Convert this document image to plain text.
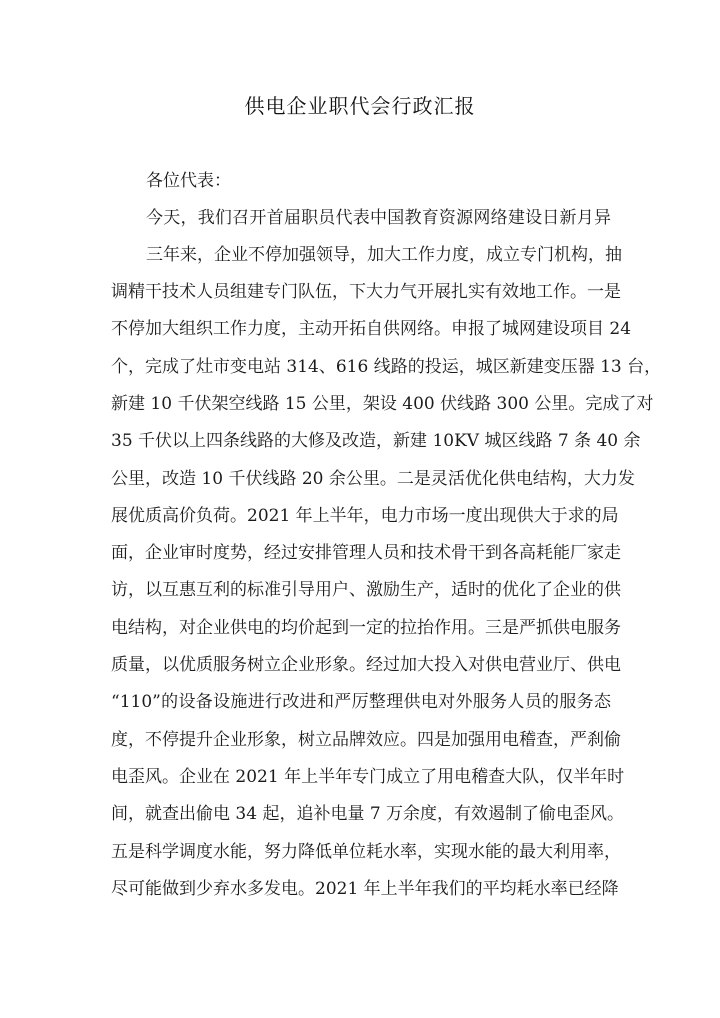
供电企业职代会行政汇报
各位代表：
今天，我们召开首届职员代表中国教育资源网络建设日新月异
三年来，企业不停加强领导，加大工作力度，成立专门机构，抽
调精干技术人员组建专门队伍，下大力气开展扎实有效地工作。一是
不停加大组织工作力度，主动开拓自供网络。申报了城网建设项目 24
个，完成了灶市变电站 314、616 线路的投运，城区新建变压器 13 台，
新建 10 千伏架空线路 15 公里，架设 400 伏线路 300 公里。完成了对
35 千伏以上四条线路的大修及改造，新建 10KV 城区线路 7 条 40 余
公里，改造 10 千伏线路 20 余公里。二是灵活优化供电结构，大力发
展优质高价负荷。2021 年上半年，电力市场一度出现供大于求的局
面，企业审时度势，经过安排管理人员和技术骨干到各高耗能厂家走
访，以互惠互利的标准引导用户、激励生产，适时的优化了企业的供
电结构，对企业供电的均价起到一定的拉抬作用。三是严抓供电服务
质量，以优质服务树立企业形象。经过加大投入对供电营业厅、供电
“110”的设备设施进行改进和严厉整理供电对外服务人员的服务态
度，不停提升企业形象，树立品牌效应。四是加强用电稽查，严刹偷
电歪风。企业在 2021 年上半年专门成立了用电稽查大队，仅半年时
间，就查出偷电 34 起，追补电量 7 万余度，有效遏制了偷电歪风。
五是科学调度水能，努力降低单位耗水率，实现水能的最大利用率，
尽可能做到少弃水多发电。2021 年上半年我们的平均耗水率已经降
